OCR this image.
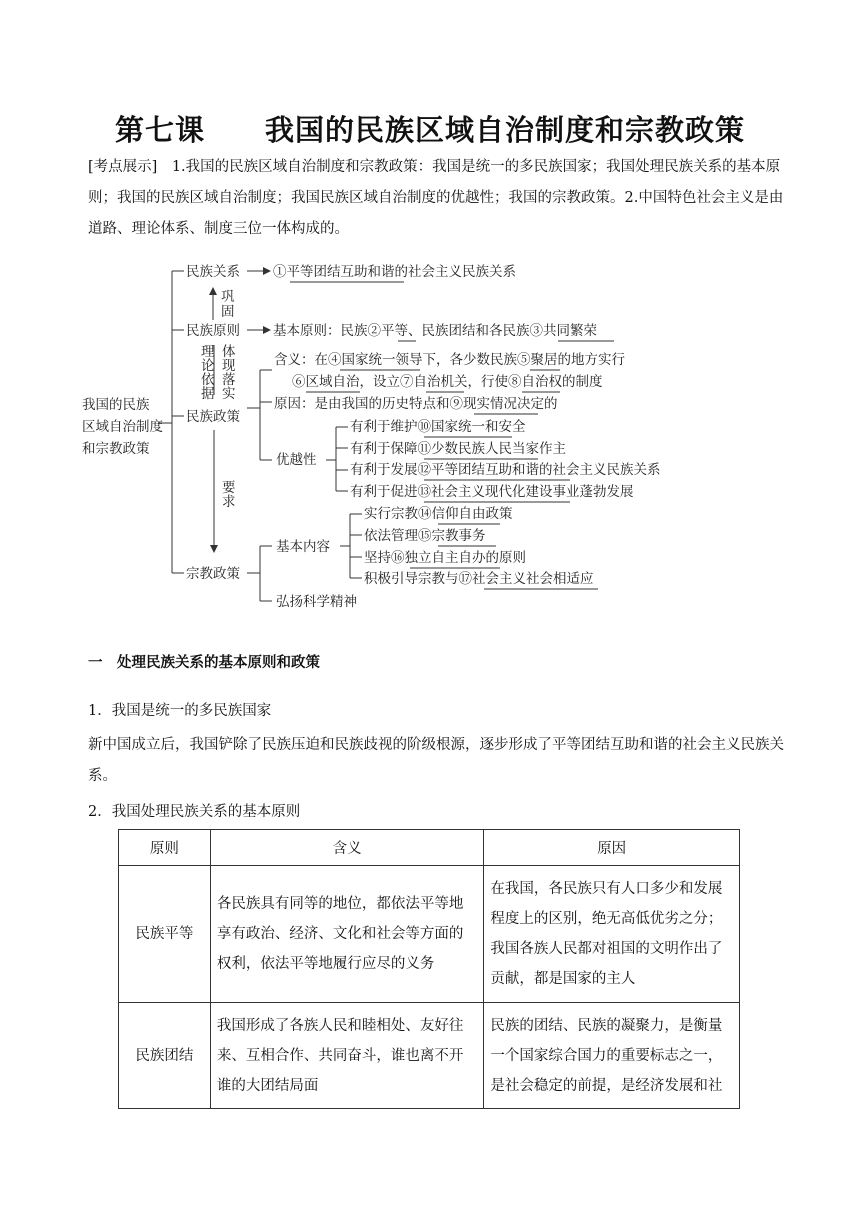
第七课　　我国的民族区域自治制度和宗教政策
[考点展示]　1.我国的民族区域自治制度和宗教政策：我国是统一的多民族国家；我国处理民族关系的基本原则；我国的民族区域自治制度；我国民族区域自治制度的优越性；我国的宗教政策。2.中国特色社会主义是由道路、理论体系、制度三位一体构成的。
我国的民族
区域自治制度
和宗教政策
民族关系 ①平等团结互助和谐的社会主义民族关系
巩
固
民族原则 基本原则：民族②平等、民族团结和各民族③共同繁荣
理
论
依
据
体
现
落
实
民族政策
含义：在④国家统一领导下，各少数民族⑤聚居的地方实行
⑥区域自治，设立⑦自治机关，行使⑧自治权的制度
原因：是由我国的历史特点和⑨现实情况决定的
优越性
有利于维护⑩国家统一和安全
有利于保障⑪少数民族人民当家作主
有利于发展⑫平等团结互助和谐的社会主义民族关系
有利于促进⑬社会主义现代化建设事业蓬勃发展
要
求
宗教政策
基本内容
弘扬科学精神
实行宗教⑭信仰自由政策
依法管理⑮宗教事务
坚持⑯独立自主自办的原则
积极引导宗教与⑰社会主义社会相适应
一　处理民族关系的基本原则和政策
1．我国是统一的多民族国家
新中国成立后，我国铲除了民族压迫和民族歧视的阶级根源，逐步形成了平等团结互助和谐的社会主义民族关系。
2．我国处理民族关系的基本原则
原则	含义	原因
民族平等	各民族具有同等的地位，都依法平等地享有政治、经济、文化和社会等方面的权利，依法平等地履行应尽的义务	在我国，各民族只有人口多少和发展程度上的区别，绝无高低优劣之分；我国各族人民都对祖国的文明作出了贡献，都是国家的主人
民族团结	我国形成了各族人民和睦相处、友好往来、互相合作、共同奋斗，谁也离不开谁的大团结局面	民族的团结、民族的凝聚力，是衡量一个国家综合国力的重要标志之一，是社会稳定的前提，是经济发展和社
